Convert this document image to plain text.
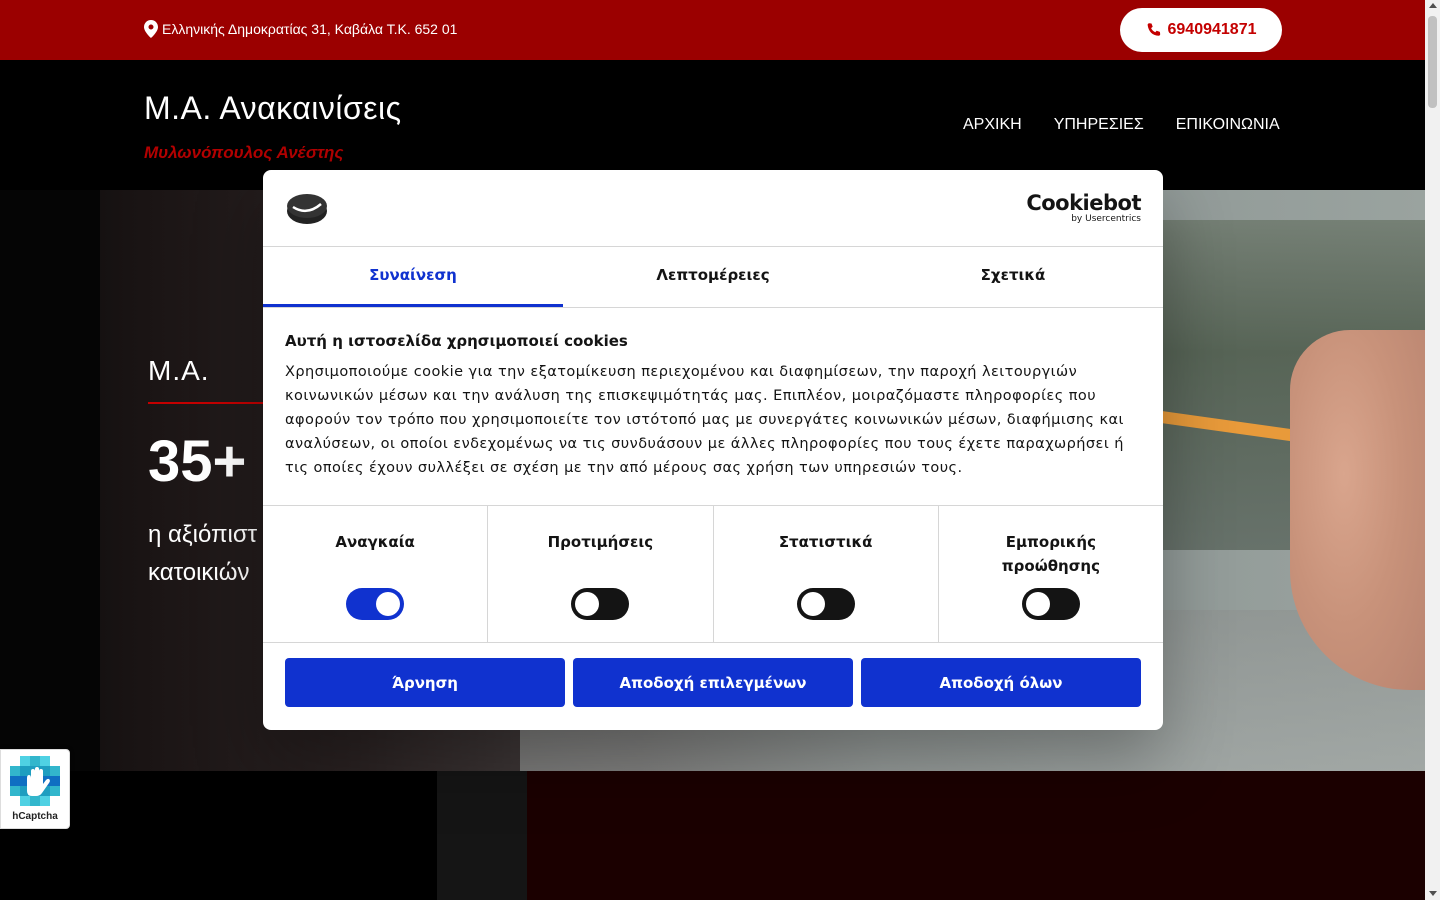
Ελληνικής Δημοκρατίας 31, Καβάλα Τ.Κ. 652 01	6940941871
Μ.Α. Ανακαινίσεις
Μυλωνόπουλος Ανέστης
ΑΡΧΙΚΗ ΥΠΗΡΕΣΙΕΣ ΕΠΙΚΟΙΝΩΝΙΑ
Μ.Α.
35+
η αξιόπιστ
κατοικιών
hCaptcha
Cookiebot
by Usercentrics
Συναίνεση	Λεπτομέρειες	Σχετικά
Αυτή η ιστοσελίδα χρησιμοποιεί cookies
Χρησιμοποιούμε cookie για την εξατομίκευση περιεχομένου και διαφημίσεων, την παροχή λειτουργιών κοινωνικών μέσων και την ανάλυση της επισκεψιμότητάς μας. Επιπλέον, μοιραζόμαστε πληροφορίες που αφορούν τον τρόπο που χρησιμοποιείτε τον ιστότοπό μας με συνεργάτες κοινωνικών μέσων, διαφήμισης και αναλύσεων, οι οποίοι ενδεχομένως να τις συνδυάσουν με άλλες πληροφορίες που τους έχετε παραχωρήσει ή τις οποίες έχουν συλλέξει σε σχέση με την από μέρους σας χρήση των υπηρεσιών τους.
Αναγκαία	Προτιμήσεις	Στατιστικά	Εμπορικής προώθησης
Άρνηση	Αποδοχή επιλεγμένων	Αποδοχή όλων
